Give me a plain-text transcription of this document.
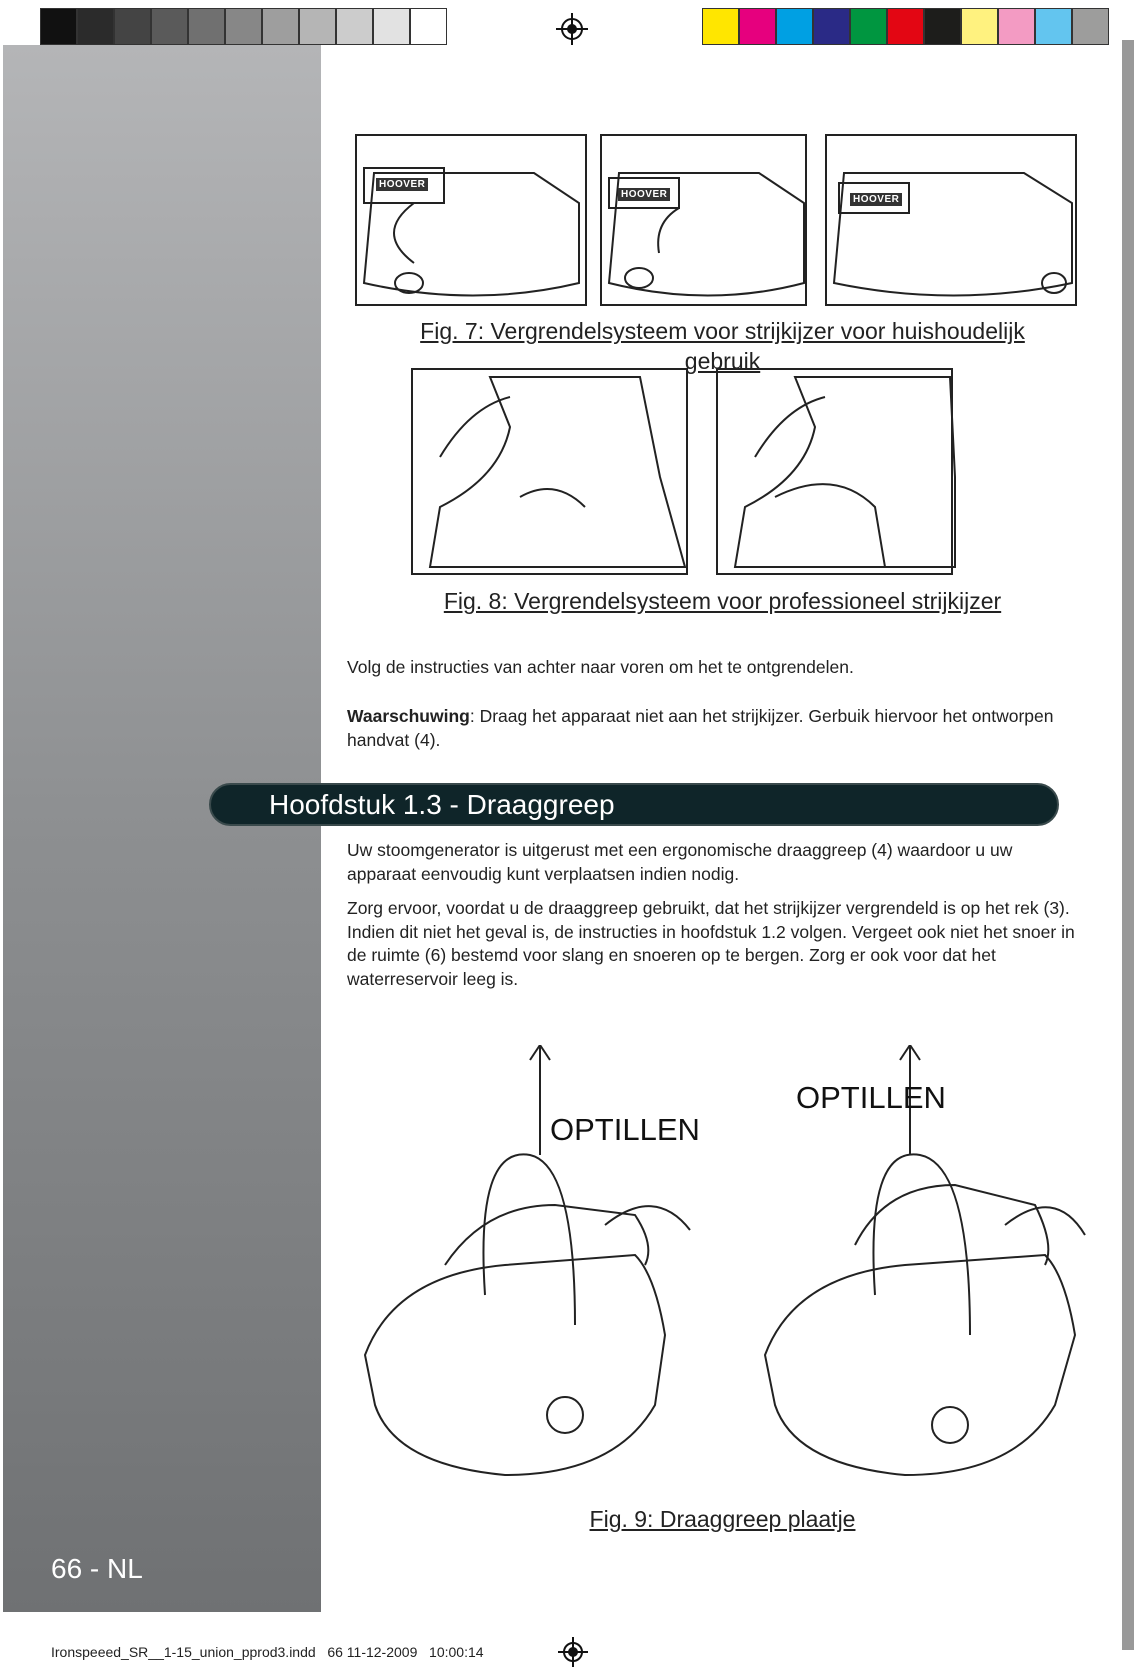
HOOVER
HOOVER	HOOVER
Fig. 7: Vergrendelsysteem voor strijkijzer voor huishoudelijk
gebruik
Fig. 8: Vergrendelsysteem voor professioneel strijkijzer
Volg de instructies van achter naar voren om het te ontgrendelen.
Waarschuwing: Draag het apparaat niet aan het strijkijzer. Gerbuik hiervoor het ontworpen handvat (4).
Hoofdstuk 1.3 - Draaggreep
Uw stoomgenerator is uitgerust met een ergonomische draaggreep (4) waardoor u uw apparaat eenvoudig kunt verplaatsen indien nodig.
Zorg ervoor, voordat u de draaggreep gebruikt, dat het strijkijzer vergrendeld is op het rek (3). Indien dit niet het geval is, de instructies in hoofdstuk 1.2 volgen. Vergeet ook niet het snoer in de ruimte (6) bestemd voor slang en snoeren op te bergen. Zorg er ook voor dat het waterreservoir leeg is.
OPTILLEN
OPTILLEN
Fig. 9: Draaggreep plaatje
66 - NL
Ironspeeed_SR__1-15_union_pprod3.indd   66 11-12-2009   10:00:14
